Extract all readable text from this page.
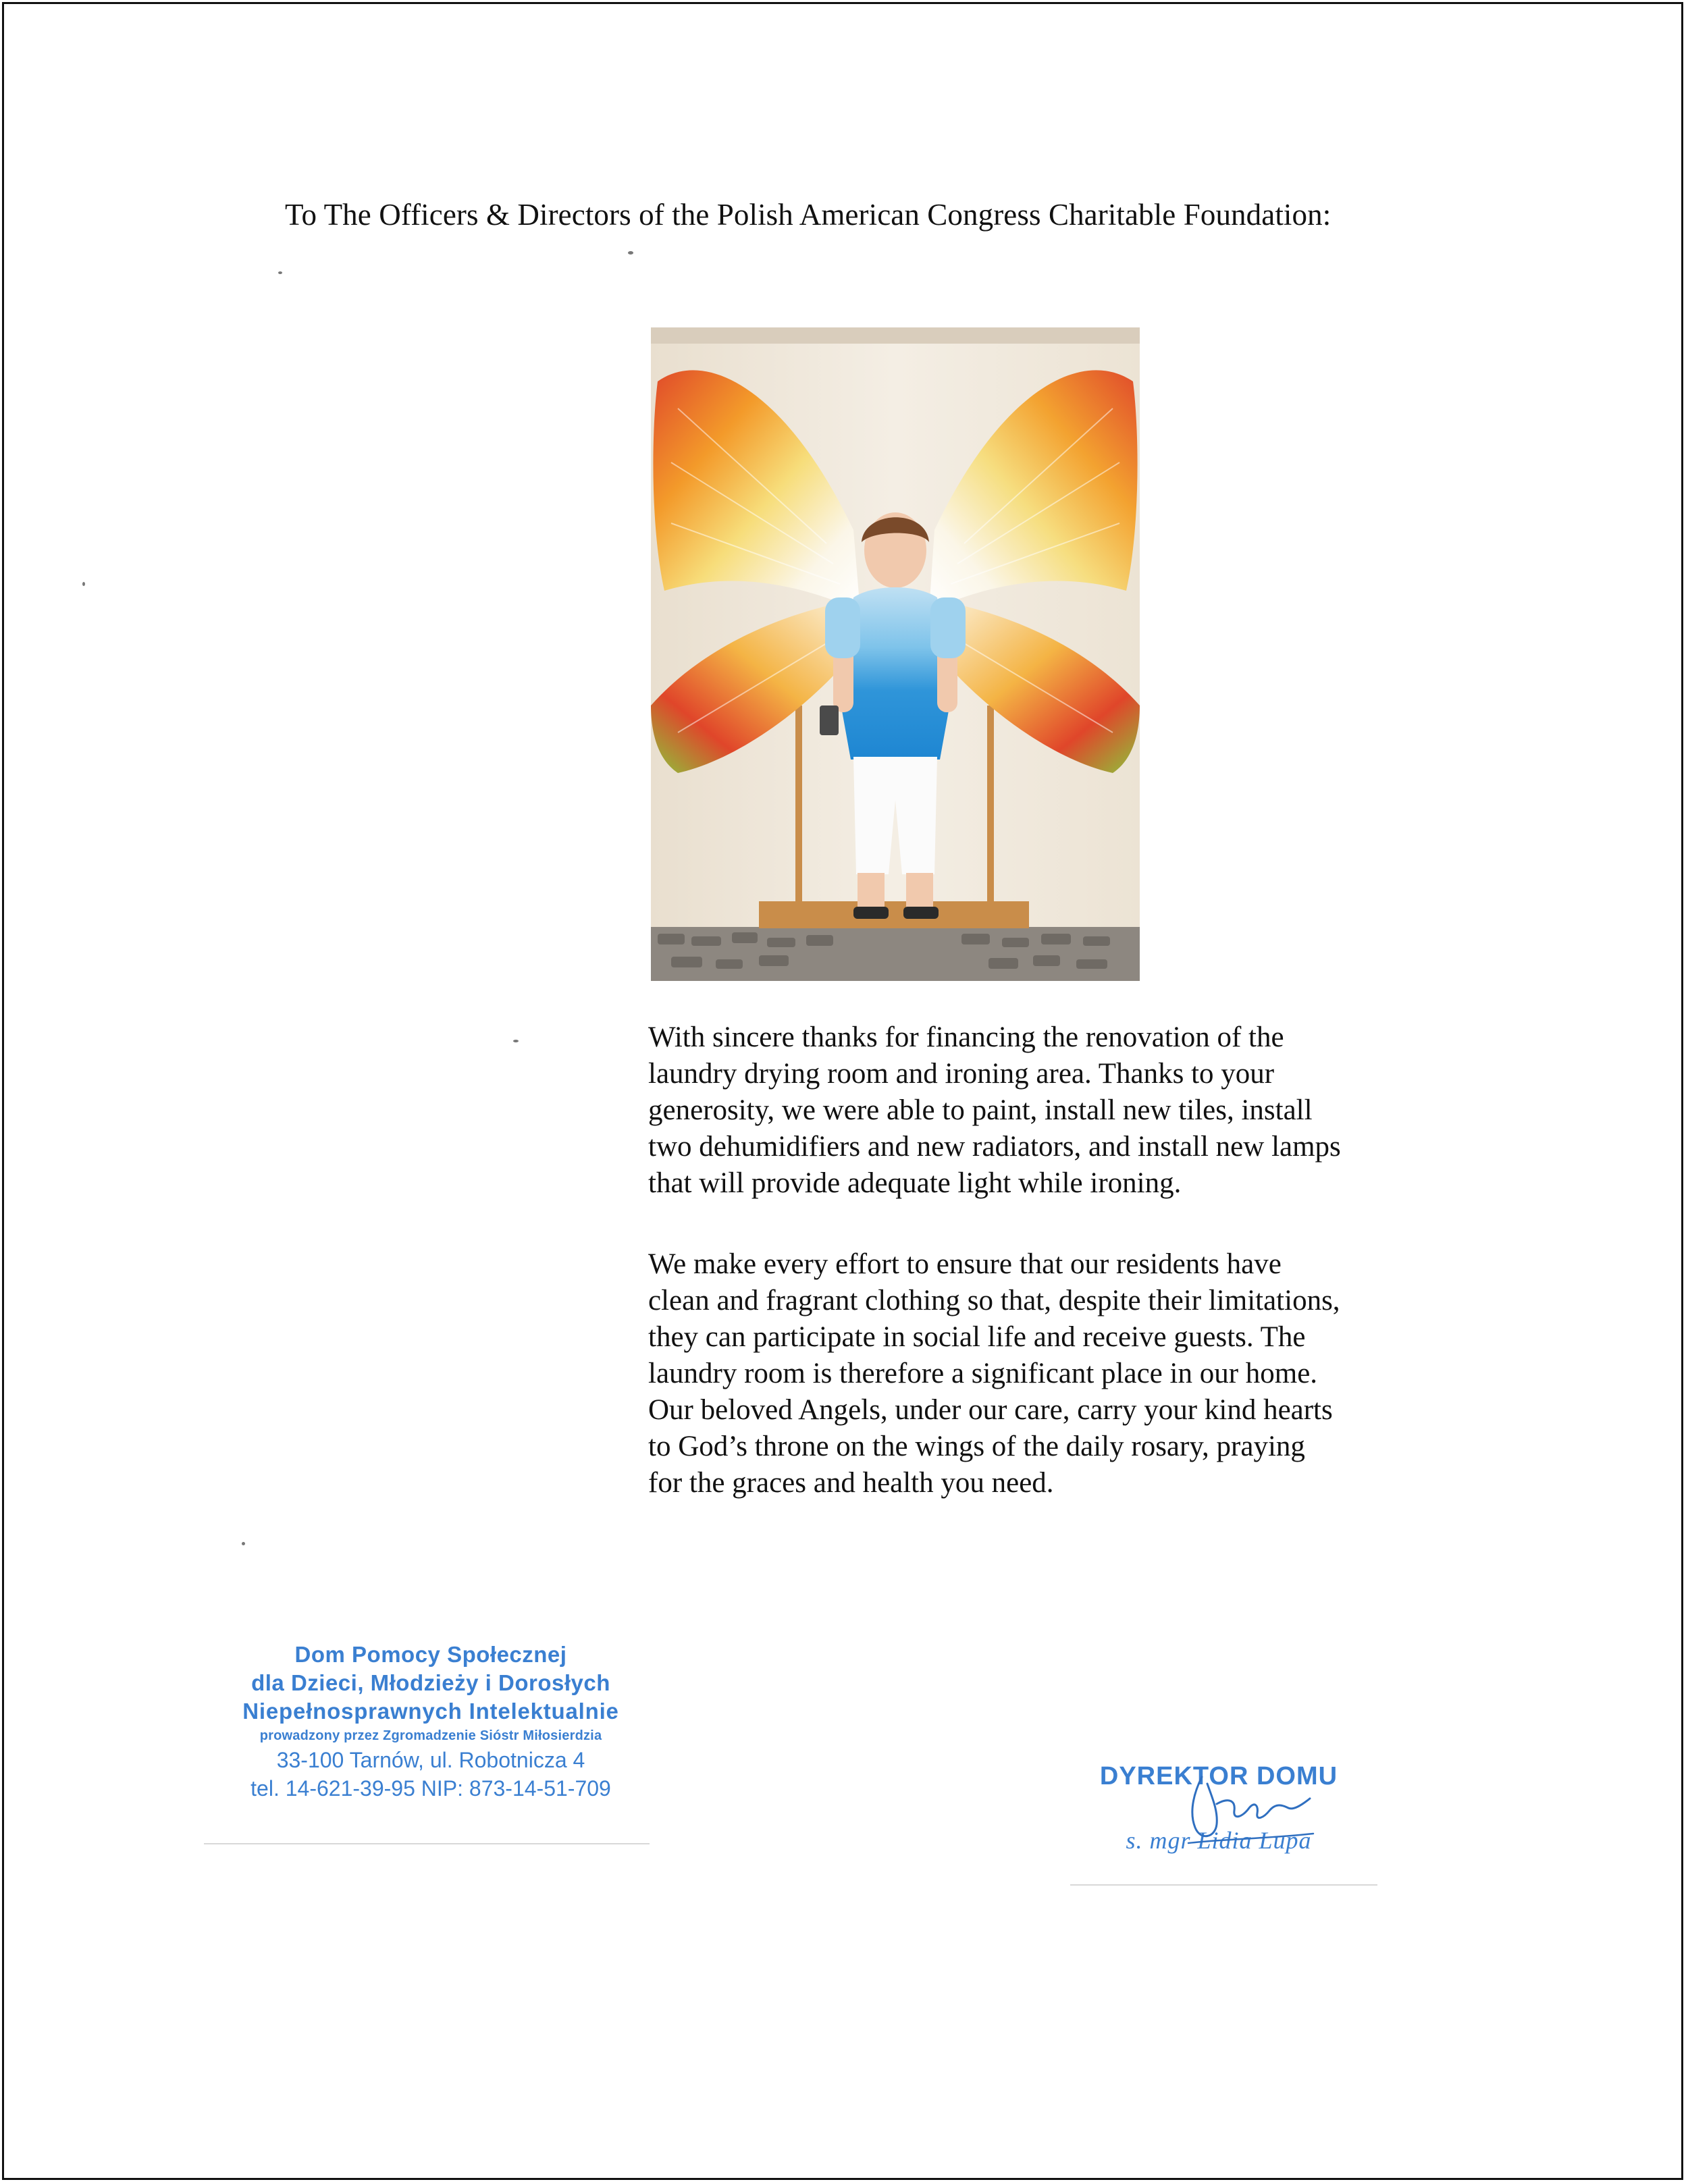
To The Officers & Directors of the Polish American Congress Charitable Foundation:
With sincere thanks for financing the renovation of the
laundry drying room and ironing area. Thanks to your
generosity, we were able to paint, install new tiles, install
two dehumidifiers and new radiators, and install new lamps
that will provide adequate light while ironing.
We make every effort to ensure that our residents have
clean and fragrant clothing so that, despite their limitations,
they can participate in social life and receive guests. The
laundry room is therefore a significant place in our home.
Our beloved Angels, under our care, carry your kind hearts
to God’s throne on the wings of the daily rosary, praying
for the graces and health you need.
Dom Pomocy Społecznej
dla Dzieci, Młodzieży i Dorosłych
Niepełnosprawnych Intelektualnie
prowadzony przez Zgromadzenie Sióstr Miłosierdzia
33-100 Tarnów, ul. Robotnicza 4
tel. 14-621-39-95 NIP: 873-14-51-709	DYREKTOR DOMU
s. mgr Lidia Lupa
